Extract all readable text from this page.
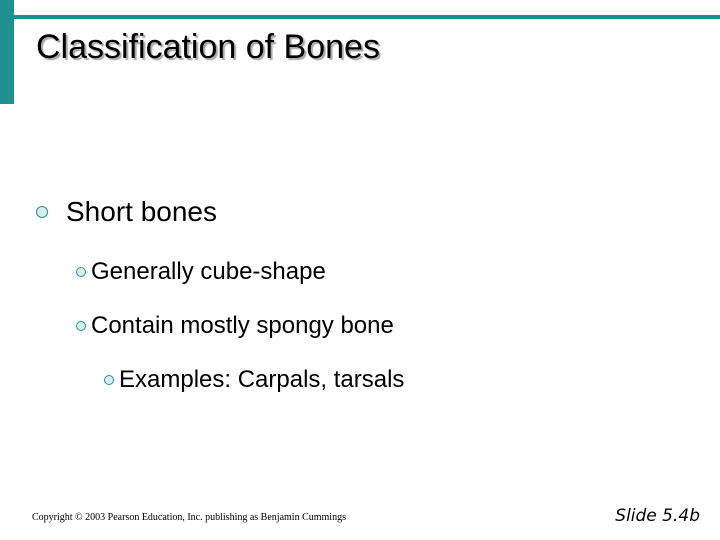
Classification of Bones
Short bones
Generally cube-shape
Contain mostly spongy bone
Examples: Carpals, tarsals
Copyright © 2003 Pearson Education, Inc. publishing as Benjamin Cummings	Slide 5.4b
